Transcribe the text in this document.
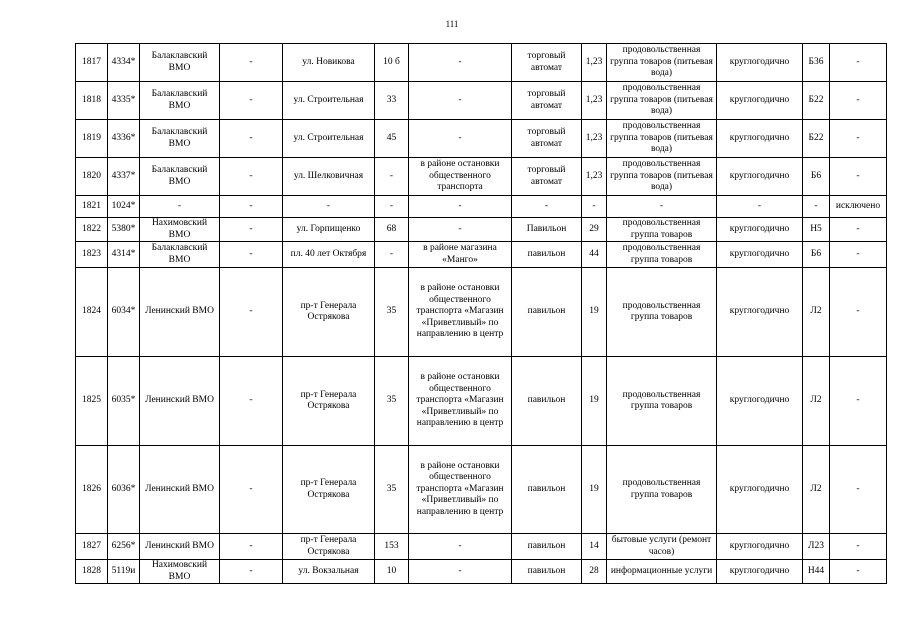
111
1817	4334*	Балаклавский ВМО	-	ул. Новикова	10 б	-	торговый автомат	1,23	продовольственная группа товаров (питьевая вода)	круглогодично	Б36	-
1818	4335*	Балаклавский ВМО	-	ул. Строительная	33	-	торговый автомат	1,23	продовольственная группа товаров (питьевая вода)	круглогодично	Б22	-
1819	4336*	Балаклавский ВМО	-	ул. Строительная	45	-	торговый автомат	1,23	продовольственная группа товаров (питьевая вода)	круглогодично	Б22	-
1820	4337*	Балаклавский ВМО	-	ул. Шелковичная	-	в районе остановки общественного транспорта	торговый автомат	1,23	продовольственная группа товаров (питьевая вода)	круглогодично	Б6	-
1821	1024*	-	-	-	-	-	-	-	-	-	-	исключено
1822	5380*	Нахимовский ВМО	-	ул. Горпищенко	68	-	Павильон	29	продовольственная группа товаров	круглогодично	Н5	-
1823	4314*	Балаклавский ВМО	-	пл. 40 лет Октября	-	в районе магазина «Манго»	павильон	44	продовольственная группа товаров	круглогодично	Б6	-
1824	6034*	Ленинский ВМО	-	пр-т Генерала Острякова	35	в районе остановки общественного транспорта «Магазин «Приветливый» по направлению в центр	павильон	19	продовольственная группа товаров	круглогодично	Л2	-
1825	6035*	Ленинский ВМО	-	пр-т Генерала Острякова	35	в районе остановки общественного транспорта «Магазин «Приветливый» по направлению в центр	павильон	19	продовольственная группа товаров	круглогодично	Л2	-
1826	6036*	Ленинский ВМО	-	пр-т Генерала Острякова	35	в районе остановки общественного транспорта «Магазин «Приветливый» по направлению в центр	павильон	19	продовольственная группа товаров	круглогодично	Л2	-
1827	6256*	Ленинский ВМО	-	пр-т Генерала Острякова	153	-	павильон	14	бытовые услуги (ремонт часов)	круглогодично	Л23	-
1828	5119и	Нахимовский ВМО	-	ул. Вокзальная	10	-	павильон	28	информационные услуги	круглогодично	Н44	-
